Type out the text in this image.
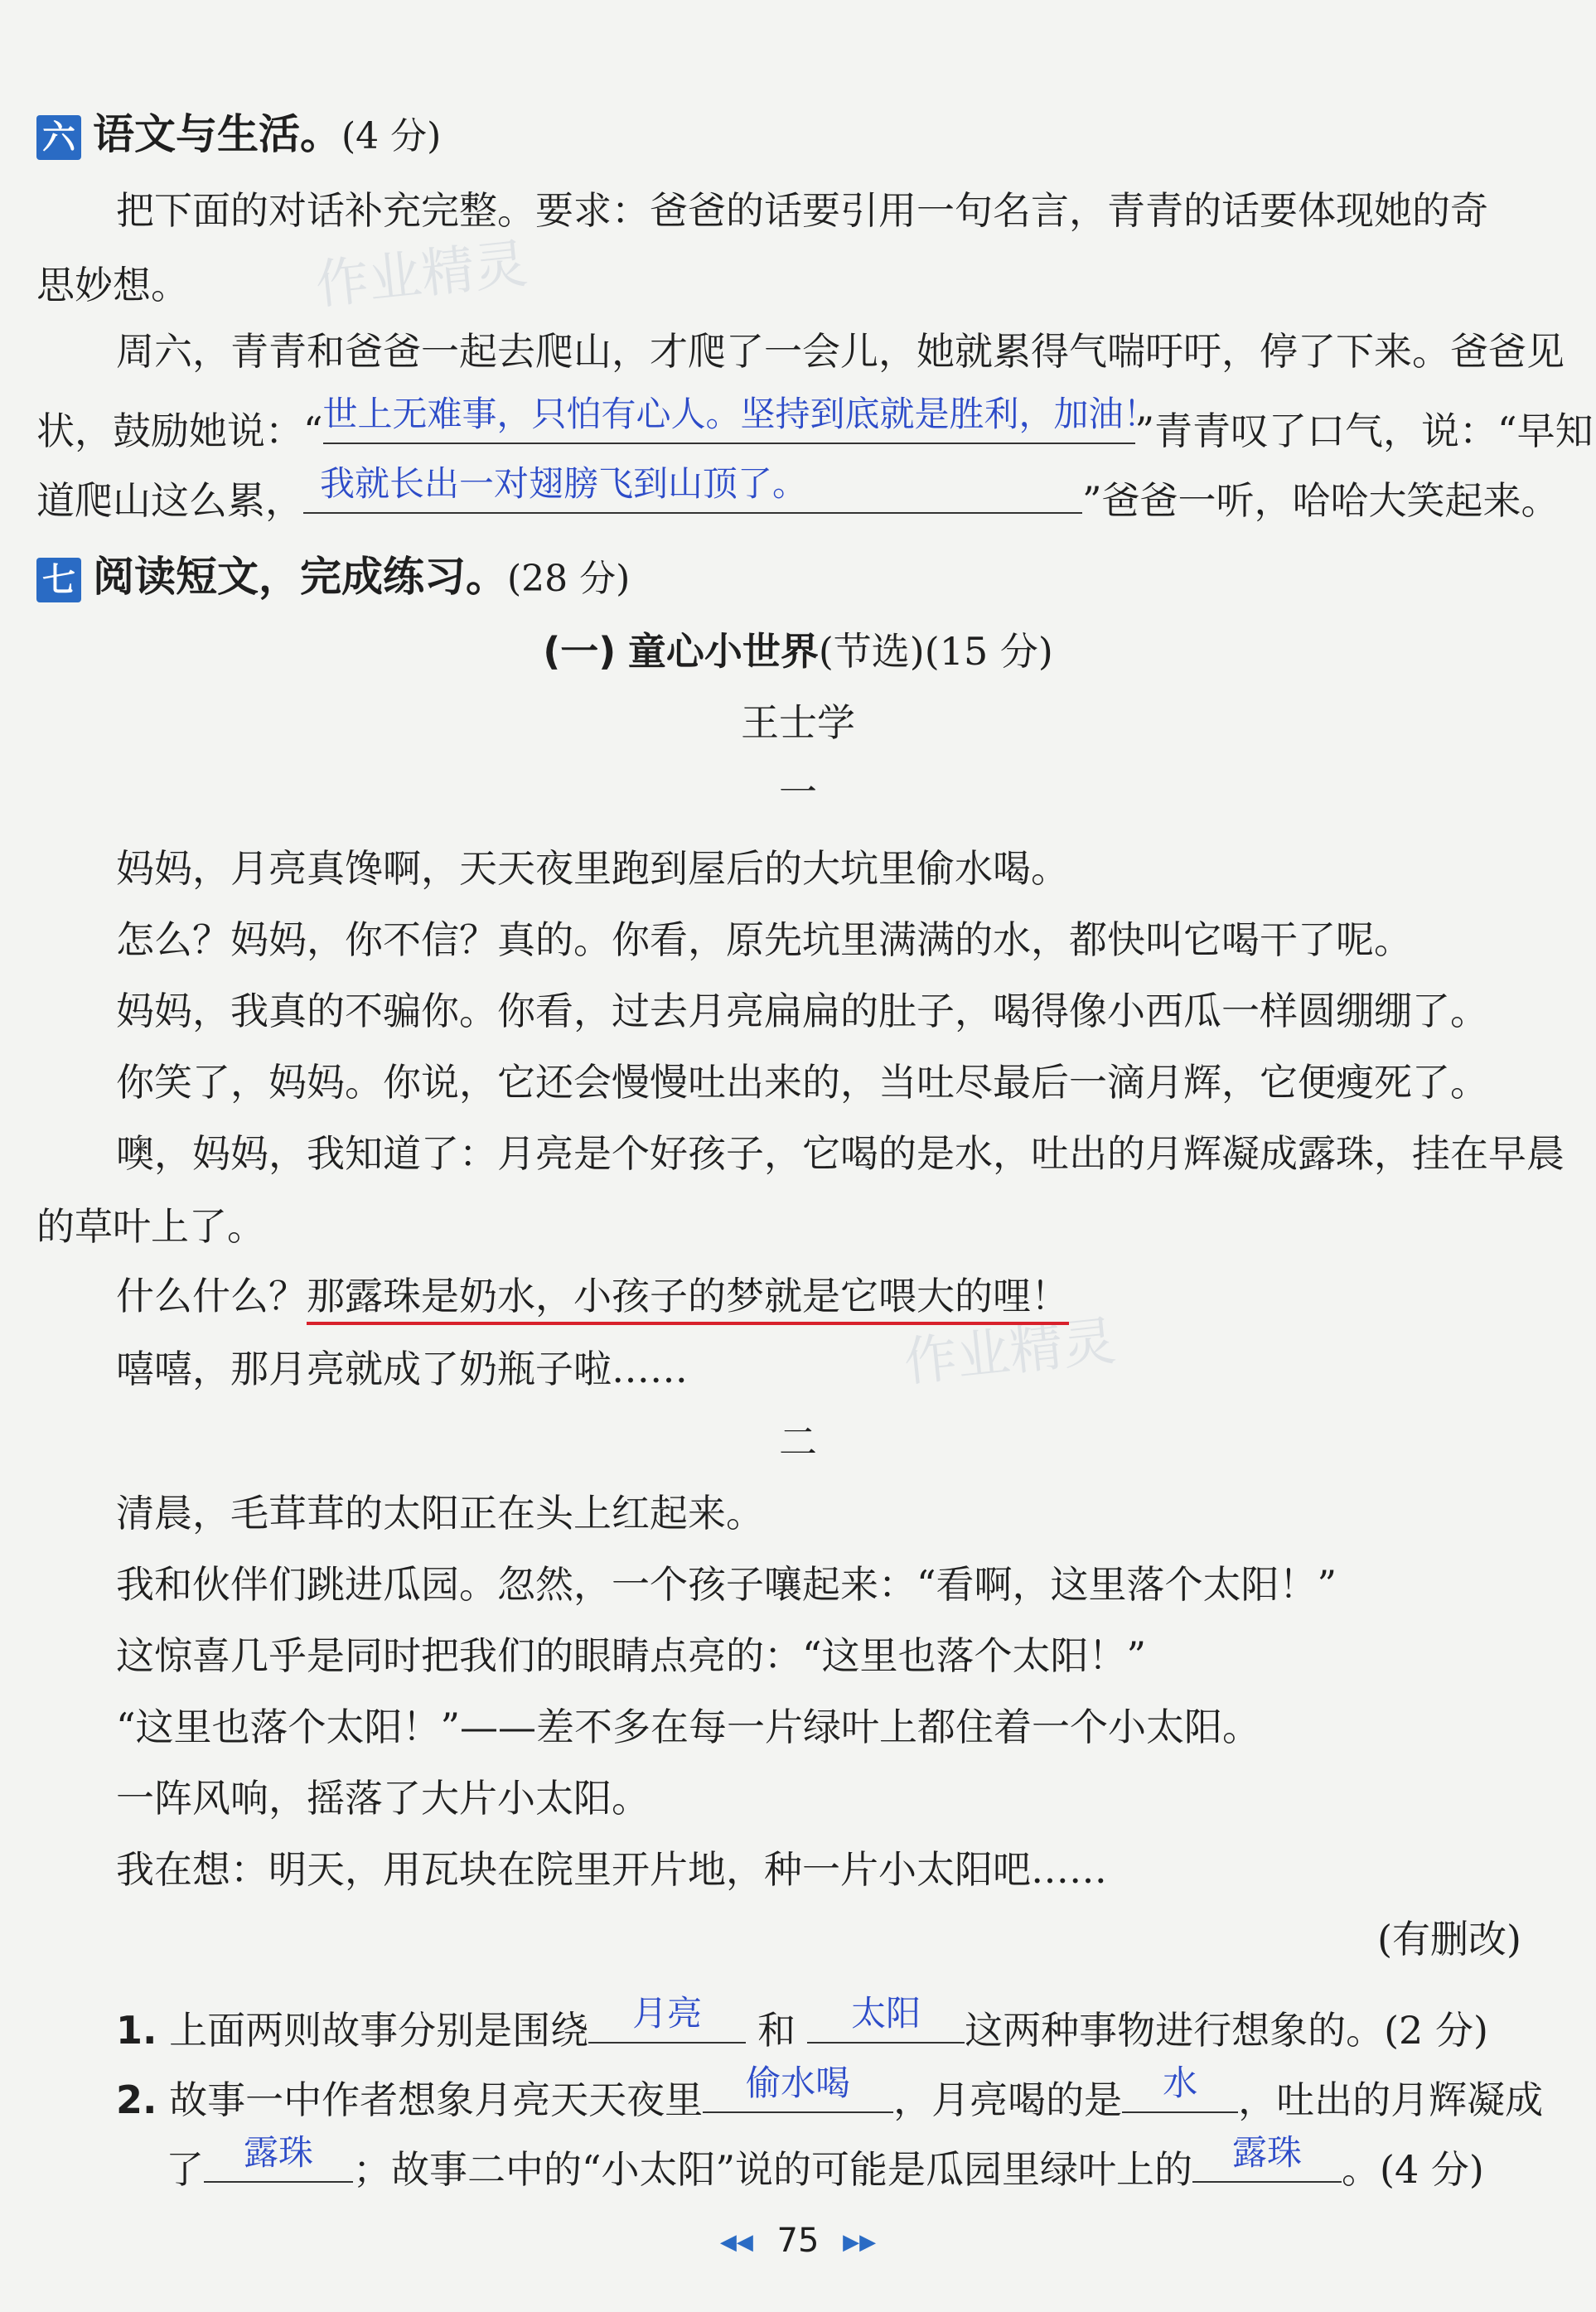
作业精灵
作业精灵
六 语文与生活。(4 分)
把下面的对话补充完整。要求：爸爸的话要引用一句名言，青青的话要体现她的奇
思妙想。
周六，青青和爸爸一起去爬山，才爬了一会儿，她就累得气喘吁吁，停了下来。爸爸见
状，鼓励她说：“ 世上无难事，只怕有心人。坚持到底就是胜利，加油！
”青青叹了口气，说：“早知
道爬山这么累， 我就长出一对翅膀飞到山顶了。	”爸爸一听，哈哈大笑起来。
七 阅读短文，完成练习。(28 分)
(一) 童心小世界(节选)(15 分)
王士学
一
妈妈，月亮真馋啊，天天夜里跑到屋后的大坑里偷水喝。
怎么？妈妈，你不信？真的。你看，原先坑里满满的水，都快叫它喝干了呢。
妈妈，我真的不骗你。你看，过去月亮扁扁的肚子，喝得像小西瓜一样圆绷绷了。
你笑了，妈妈。你说，它还会慢慢吐出来的，当吐尽最后一滴月辉，它便瘦死了。
噢，妈妈，我知道了：月亮是个好孩子，它喝的是水，吐出的月辉凝成露珠，挂在早晨
的草叶上了。
什么什么？那露珠是奶水，小孩子的梦就是它喂大的哩！
嘻嘻，那月亮就成了奶瓶子啦……
二
清晨，毛茸茸的太阳正在头上红起来。
我和伙伴们跳进瓜园。忽然，一个孩子嚷起来：“看啊，这里落个太阳！”
这惊喜几乎是同时把我们的眼睛点亮的：“这里也落个太阳！”
“这里也落个太阳！”——差不多在每一片绿叶上都住着一个小太阳。
一阵风响，摇落了大片小太阳。
我在想：明天，用瓦块在院里开片地，种一片小太阳吧……
(有删改)
1. 上面两则故事分别是围绕	月亮	和	太阳	这两种事物进行想象的。(2 分)
2. 故事一中作者想象月亮天天夜里	偷水喝	，月亮喝的是	水	，吐出的月辉凝成
了	露珠	；故事二中的“小太阳”说的可能是瓜园里绿叶上的	露珠	。(4 分)
◀◀ 75 ▶▶
